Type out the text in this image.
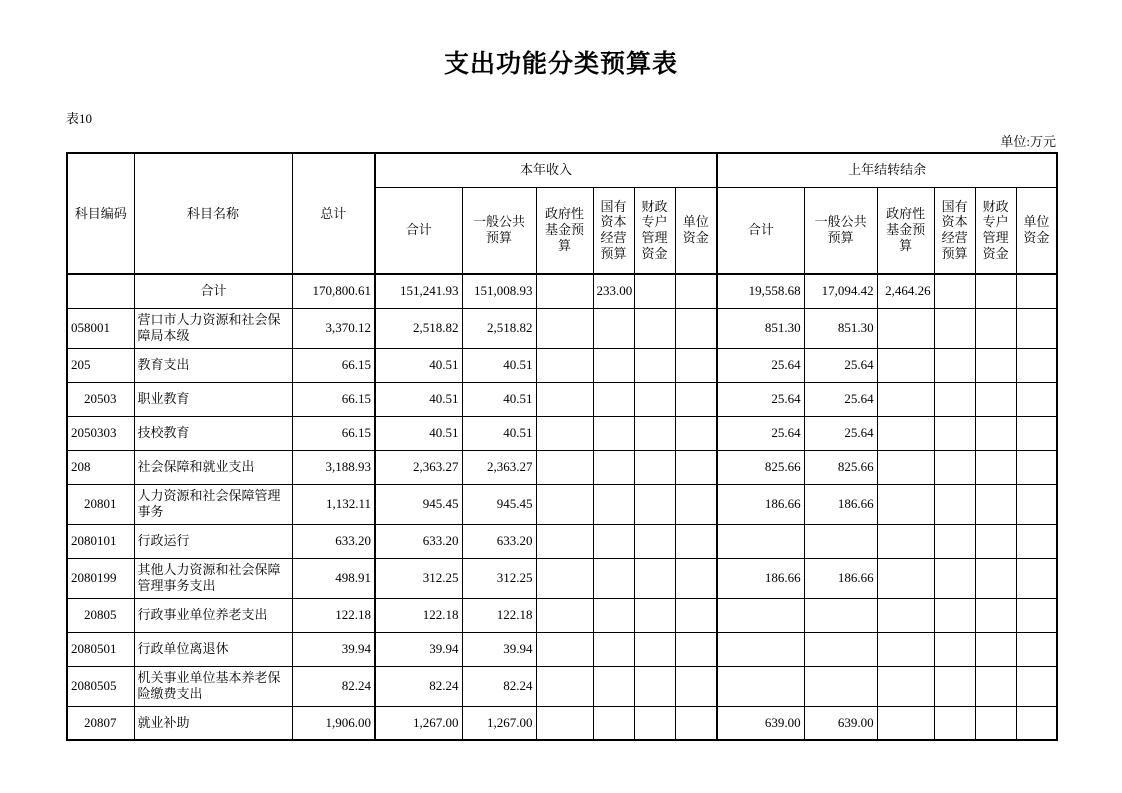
支出功能分类预算表
表10
单位:万元
科目编码	科目名称	总计	本年收入						上年结转结余					
			合计	一般公共预算	政府性基金预算	国有资本经营预算	财政专户管理资金	单位资金	合计	一般公共预算	政府性基金预算	国有资本经营预算	财政专户管理资金	单位资金
	合计	170,800.61	151,241.93	151,008.93		233.00			19,558.68	17,094.42	2,464.26			
058001	营口市人力资源和社会保障局本级	3,370.12	2,518.82	2,518.82					851.30	851.30				
205	教育支出	66.15	40.51	40.51					25.64	25.64				
20503	职业教育	66.15	40.51	40.51					25.64	25.64				
2050303	技校教育	66.15	40.51	40.51					25.64	25.64				
208	社会保障和就业支出	3,188.93	2,363.27	2,363.27					825.66	825.66				
20801	人力资源和社会保障管理事务	1,132.11	945.45	945.45					186.66	186.66				
2080101	行政运行	633.20	633.20	633.20										
2080199	其他人力资源和社会保障管理事务支出	498.91	312.25	312.25					186.66	186.66				
20805	行政事业单位养老支出	122.18	122.18	122.18										
2080501	行政单位离退休	39.94	39.94	39.94										
2080505	机关事业单位基本养老保险缴费支出	82.24	82.24	82.24										
20807	就业补助	1,906.00	1,267.00	1,267.00					639.00	639.00				
